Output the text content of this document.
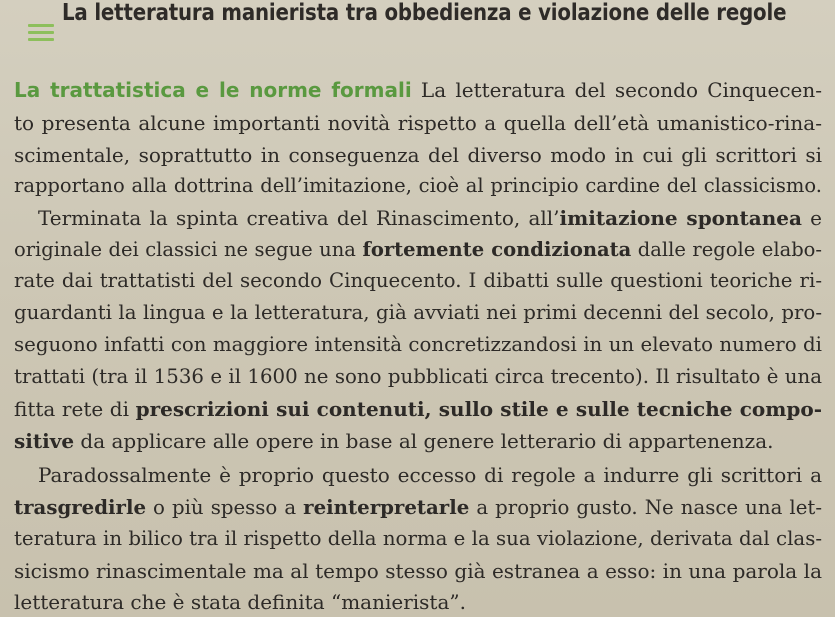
La letteratura manierista tra obbedienza e violazione delle regole
La trattatistica e le norme formali La letteratura del secondo Cinquecen-
to presenta alcune importanti novità rispetto a quella dell’età umanistico-rina-
scimentale, soprattutto in conseguenza del diverso modo in cui gli scrittori si
rapportano alla dottrina dell’imitazione, cioè al principio cardine del classicismo.
Terminata la spinta creativa del Rinascimento, all’imitazione spontanea e
originale dei classici ne segue una fortemente condizionata dalle regole elabo-
rate dai trattatisti del secondo Cinquecento. I dibatti sulle questioni teoriche ri-
guardanti la lingua e la letteratura, già avviati nei primi decenni del secolo, pro-
seguono infatti con maggiore intensità concretizzandosi in un elevato numero di
trattati (tra il 1536 e il 1600 ne sono pubblicati circa trecento). Il risultato è una
fitta rete di prescrizioni sui contenuti, sullo stile e sulle tecniche compo-
sitive da applicare alle opere in base al genere letterario di appartenenza.
Paradossalmente è proprio questo eccesso di regole a indurre gli scrittori a
trasgredirle o più spesso a reinterpretarle a proprio gusto. Ne nasce una let-
teratura in bilico tra il rispetto della norma e la sua violazione, derivata dal clas-
sicismo rinascimentale ma al tempo stesso già estranea a esso: in una parola la
letteratura che è stata definita “manierista”.
